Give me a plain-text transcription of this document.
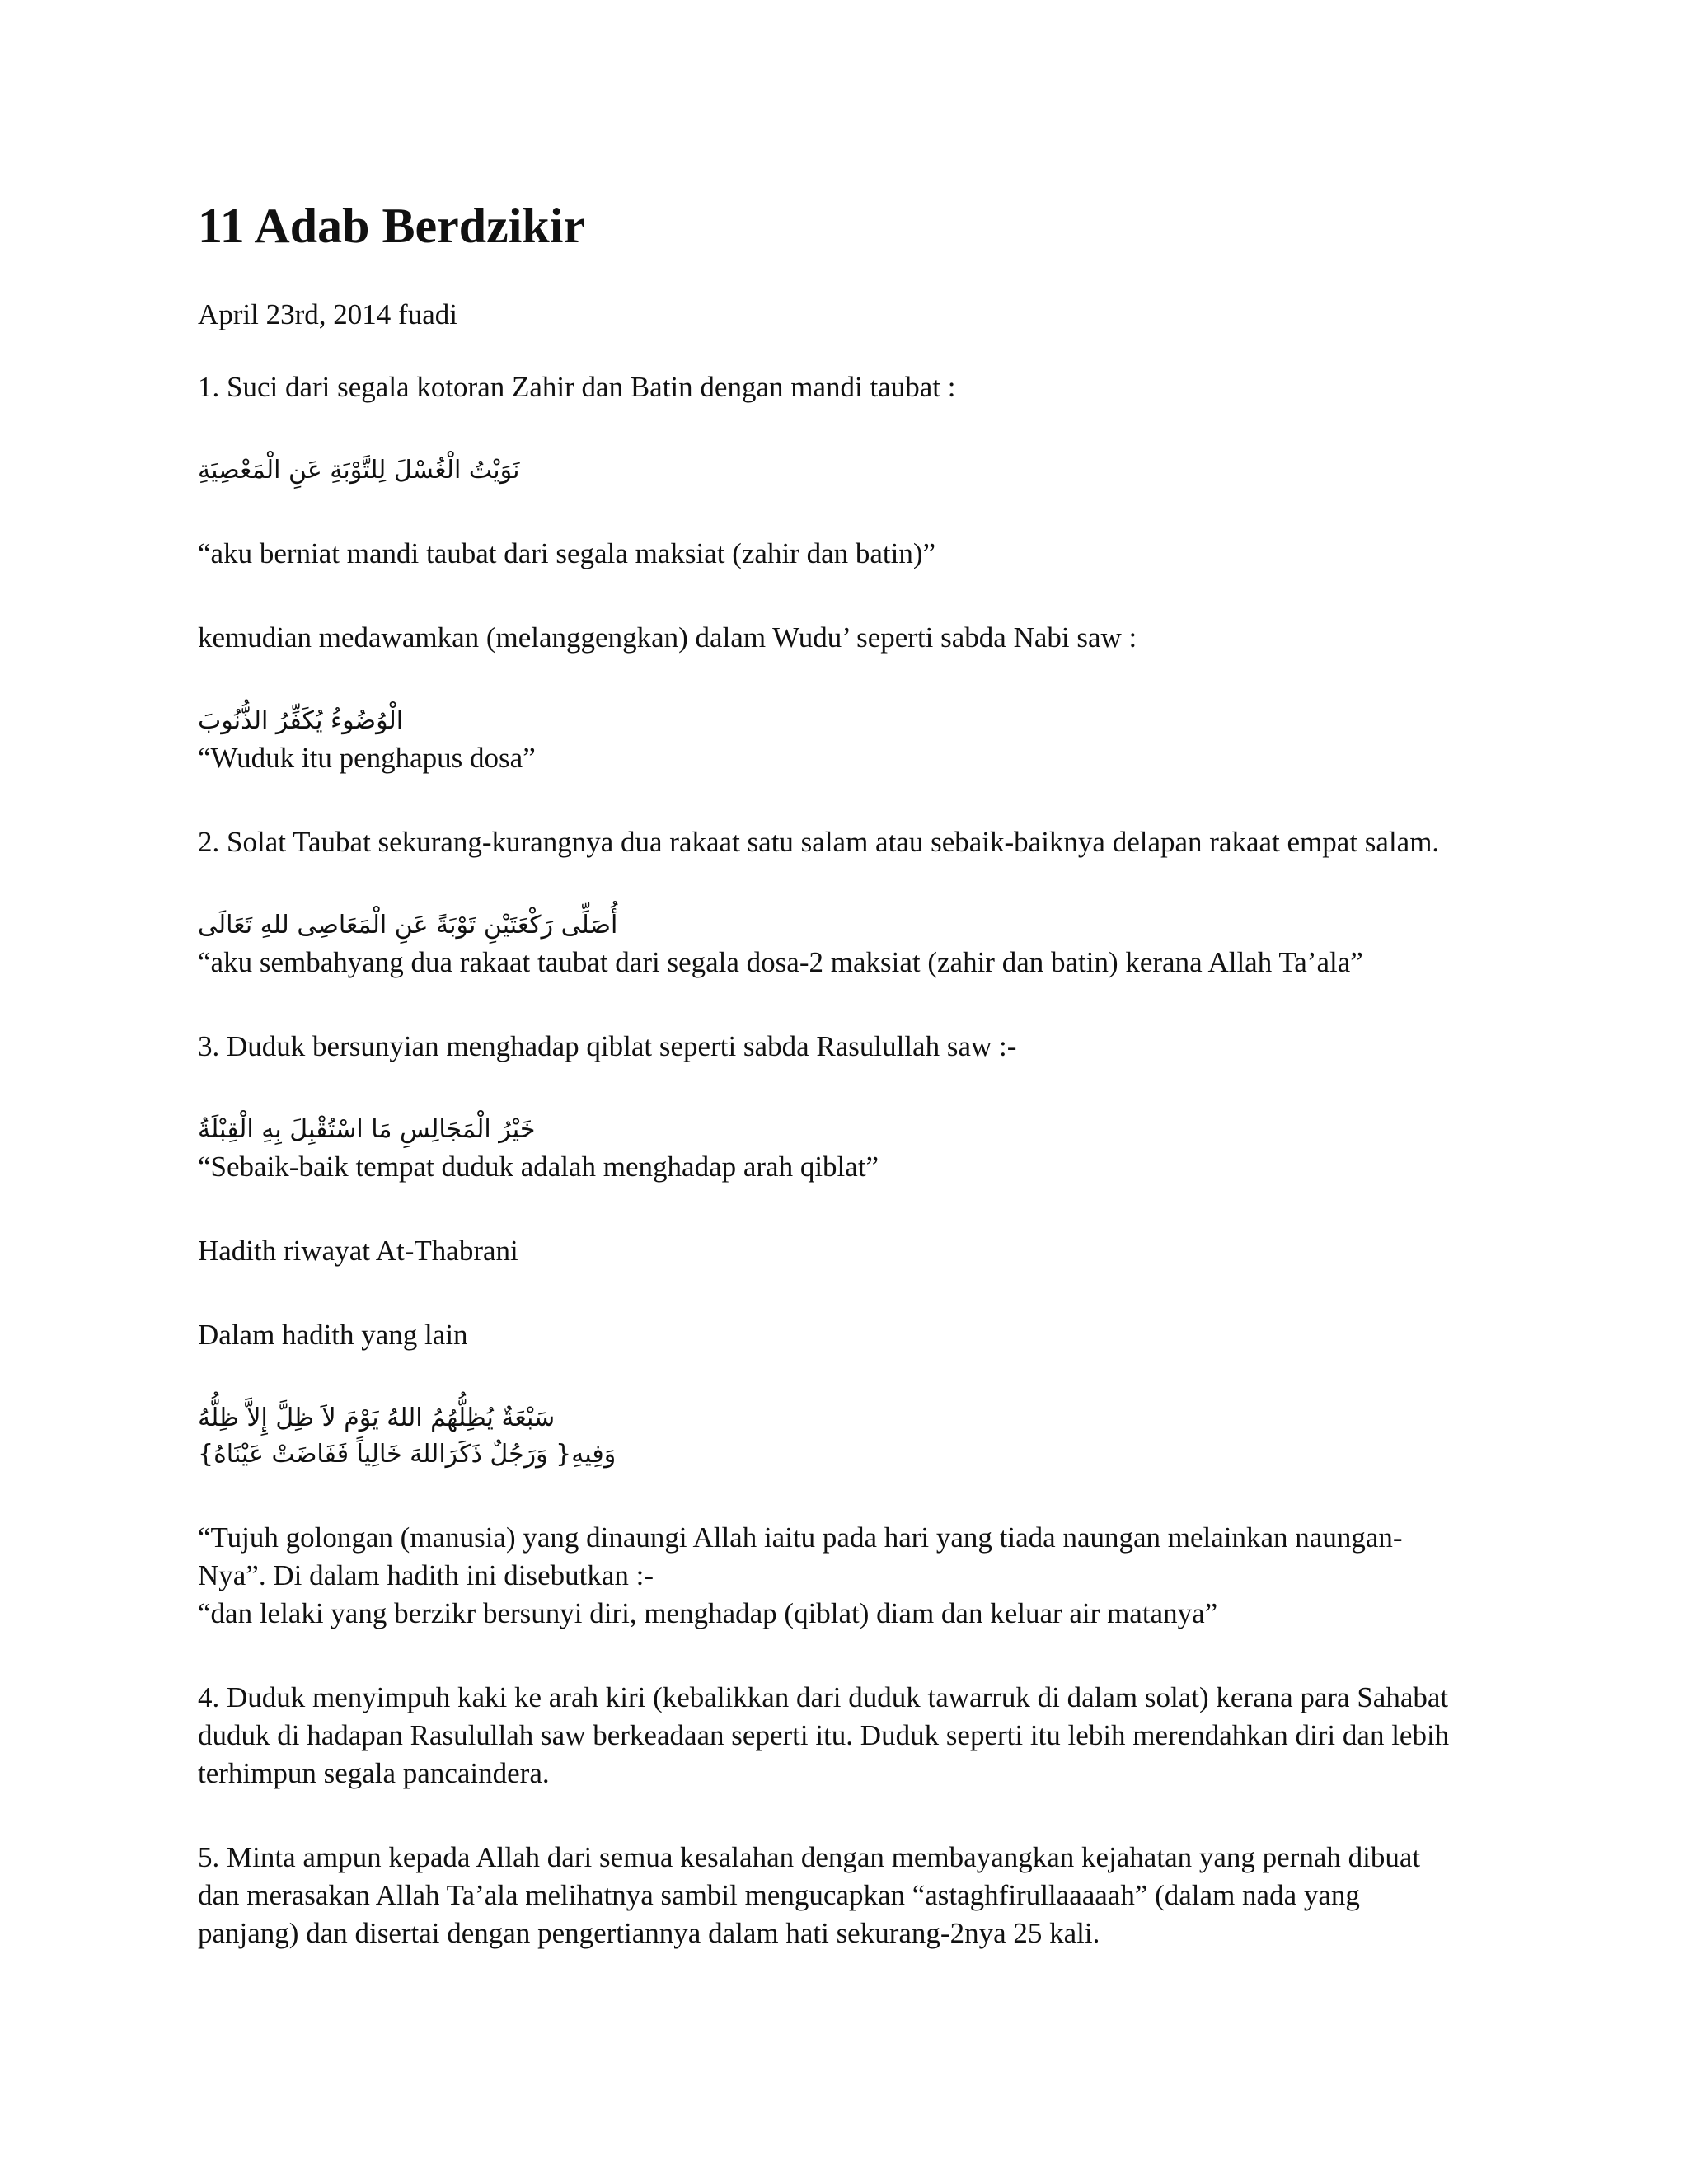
11 Adab Berdzikir
April 23rd, 2014 fuadi

1. Suci dari segala kotoran Zahir dan Batin dengan mandi taubat :

نَوَيْتُ الْغُسْلَ لِلتَّوْبَةِ عَنِ الْمَعْصِيَةِ

“aku berniat mandi taubat dari segala maksiat (zahir dan batin)”

kemudian medawamkan (melanggengkan) dalam Wudu’ seperti sabda Nabi saw :

الْوُضُوءُ يُكَفِّرُ الذُّنُوبَ

“Wuduk itu penghapus dosa”

2. Solat Taubat sekurang-kurangnya dua rakaat satu salam atau sebaik-baiknya delapan rakaat empat salam.

أُصَلِّى رَكْعَتَيْنِ تَوْبَةً عَنِ الْمَعَاصِى للهِ تَعَالَى

“aku sembahyang dua rakaat taubat dari segala dosa-2 maksiat (zahir dan batin) kerana Allah Ta’ala”

3. Duduk bersunyian menghadap qiblat seperti sabda Rasulullah saw :-

خَيْرُ الْمَجَالِسِ مَا اسْتُقْبِلَ بِهِ الْقِبْلَةُ

“Sebaik-baik tempat duduk adalah menghadap arah qiblat”

Hadith riwayat At-Thabrani

Dalam hadith yang lain

سَبْعَةٌ يُظِلُّهُمُ اللهُ يَوْمَ لاَ ظِلَّ إِلاَّ ظِلُّهُ
وَفِيهِ{ وَرَجُلٌ ذَكَرَاللهَ خَالِياً فَفَاضَتْ عَيْنَاهُ}

“Tujuh golongan (manusia) yang dinaungi Allah iaitu pada hari yang tiada naungan melainkan naungan-Nya”. Di dalam hadith ini disebutkan :-

“dan lelaki yang berzikr bersunyi diri, menghadap (qiblat) diam dan keluar air matanya”

4. Duduk menyimpuh kaki ke arah kiri (kebalikkan dari duduk tawarruk di dalam solat) kerana para Sahabat duduk di hadapan Rasulullah saw berkeadaan seperti itu. Duduk seperti itu lebih merendahkan diri dan lebih terhimpun segala pancaindera.

5. Minta ampun kepada Allah dari semua kesalahan dengan membayangkan kejahatan yang pernah dibuat dan merasakan Allah Ta’ala melihatnya sambil mengucapkan “astaghfirullaaaaah” (dalam nada yang panjang) dan disertai dengan pengertiannya dalam hati sekurang-2nya 25 kali.
